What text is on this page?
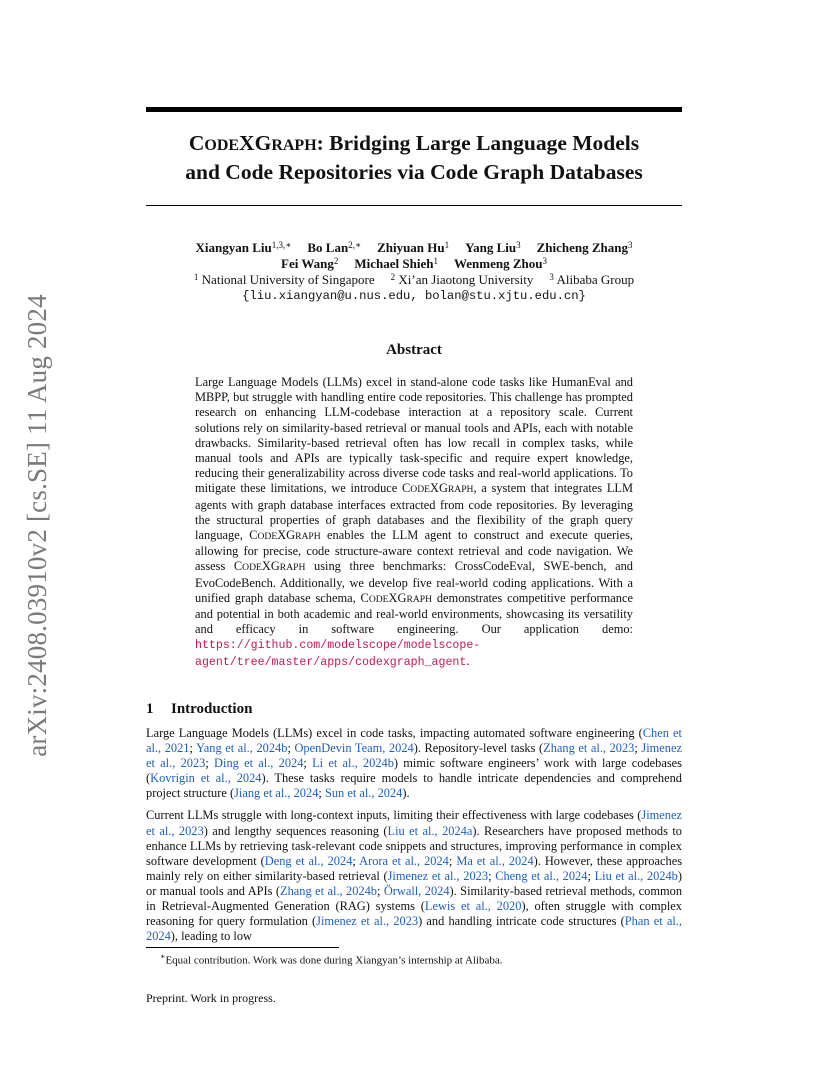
arXiv:2408.03910v2 [cs.SE] 11 Aug 2024
CODEXGRAPH: Bridging Large Language Models
and Code Repositories via Code Graph Databases
Xiangyan Liu$^{1,3,∗}$ Bo Lan$^{2,∗}$ Zhiyuan Hu$^1$ Yang Liu$^3$ Zhicheng Zhang$^3$
Fei Wang$^2$ Michael Shieh$^1$ Wenmeng Zhou$^3$
$^1$ National University of Singapore $^2$ Xi’an Jiaotong University $^3$ Alibaba Group
{liu.xiangyan@u.nus.edu, bolan@stu.xjtu.edu.cn}
Abstract
Large Language Models (LLMs) excel in stand-alone code tasks like HumanEval and MBPP, but struggle with handling entire code repositories. This challenge has prompted research on enhancing LLM-codebase interaction at a repository scale. Current solutions rely on similarity-based retrieval or manual tools and APIs, each with notable drawbacks. Similarity-based retrieval often has low recall in complex tasks, while manual tools and APIs are typically task-specific and require expert knowledge, reducing their generalizability across diverse code tasks and real-world applications. To mitigate these limitations, we introduce CODEXGRAPH, a system that integrates LLM agents with graph database interfaces extracted from code repositories. By leveraging the structural properties of graph databases and the flexibility of the graph query language, CODEXGRAPH enables the LLM agent to construct and execute queries, allowing for precise, code structure-aware context retrieval and code navigation. We assess CODEXGRAPH using three benchmarks: CrossCodeEval, SWE-bench, and EvoCodeBench. Additionally, we develop five real-world coding applications. With a unified graph database schema, CODEXGRAPH demonstrates competitive performance and potential in both academic and real-world environments, showcasing its versatility and efficacy in software engineering. Our application demo: https://github.com/modelscope/modelscope-agent/tree/master/apps/codexgraph_agent.
1 Introduction

Large Language Models (LLMs) excel in code tasks, impacting automated software engineering (Chen et al., 2021; Yang et al., 2024b; OpenDevin Team, 2024). Repository-level tasks (Zhang et al., 2023; Jimenez et al., 2023; Ding et al., 2024; Li et al., 2024b) mimic software engineers’ work with large codebases (Kovrigin et al., 2024). These tasks require models to handle intricate dependencies and comprehend project structure (Jiang et al., 2024; Sun et al., 2024).

Current LLMs struggle with long-context inputs, limiting their effectiveness with large codebases (Jimenez et al., 2023) and lengthy sequences reasoning (Liu et al., 2024a). Researchers have proposed methods to enhance LLMs by retrieving task-relevant code snippets and structures, improving performance in complex software development (Deng et al., 2024; Arora et al., 2024; Ma et al., 2024). However, these approaches mainly rely on either similarity-based retrieval (Jimenez et al., 2023; Cheng et al., 2024; Liu et al., 2024b) or manual tools and APIs (Zhang et al., 2024b; Örwall, 2024). Similarity-based retrieval methods, common in Retrieval-Augmented Generation (RAG) systems (Lewis et al., 2020), often struggle with complex reasoning for query formulation (Jimenez et al., 2023) and handling intricate code structures (Phan et al., 2024), leading to low

∗Equal contribution. Work was done during Xiangyan’s internship at Alibaba.
Preprint. Work in progress.
